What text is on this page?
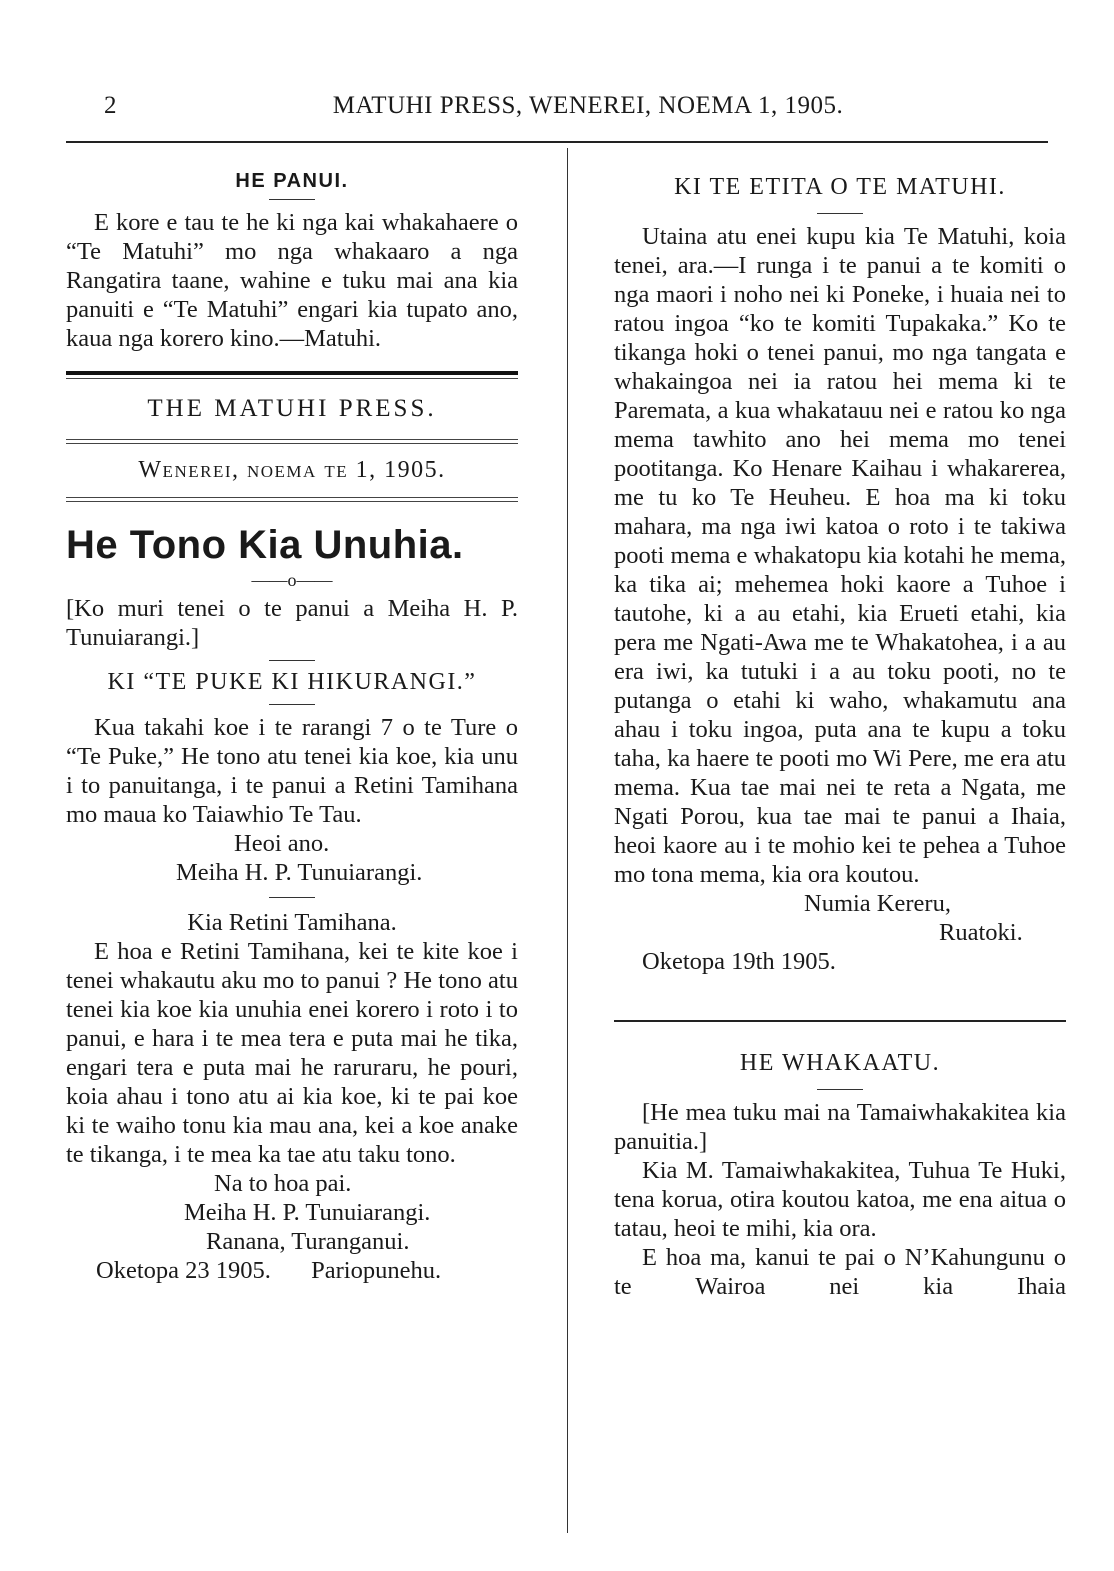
2	MATUHI PRESS, WENEREI, NOEMA 1, 1905.

HE PANUI.

E kore e tau te he ki nga kai whakahaere o “Te Matuhi” mo nga whakaaro a nga Rangatira taane, wahine e tuku mai ana kia panuiti e “Te Matuhi” engari kia tupato ano, kaua nga korero kino.—Matuhi.

THE MATUHI PRESS.

Wenerei, noema te 1, 1905.

He Tono Kia Unuhia.

——o——

[Ko muri tenei o te panui a Meiha H. P. Tunuiarangi.]

KI “TE PUKE KI HIKURANGI.”

Kua takahi koe i te rarangi 7 o te Ture o “Te Puke,” He tono atu tenei kia koe, kia unu i to panuitanga, i te panui a Retini Tamihana mo maua ko Taiawhio Te Tau.

Heoi ano.

Meiha H. P. Tunuiarangi.

Kia Retini Tamihana.

E hoa e Retini Tamihana, kei te kite koe i tenei whakautu aku mo to panui ? He tono atu tenei kia koe kia unuhia enei korero i roto i to panui, e hara i te mea tera e puta mai he tika, engari tera e puta mai he raruraru, he pouri, koia ahau i tono atu ai kia koe, ki te pai koe ki te waiho tonu kia mau ana, kei a koe anake te tikanga, i te mea ka tae atu taku tono.

Na to hoa pai.

Meiha H. P. Tunuiarangi.

Ranana, Turanganui.

Oketopa 23 1905. Pariopunehu.

KI TE ETITA O TE MATUHI.

Utaina atu enei kupu kia Te Matuhi, koia tenei, ara.—I runga i te panui a te komiti o nga maori i noho nei ki Poneke, i huaia nei to ratou ingoa “ko te komiti Tupakaka.” Ko te tikanga hoki o tenei panui, mo nga tangata e whakaingoa nei ia ratou hei mema ki te Paremata, a kua whakatauu nei e ratou ko nga mema tawhito ano hei mema mo tenei pootitanga. Ko Henare Kaihau i whakarerea, me tu ko Te Heuheu. E hoa ma ki toku mahara, ma nga iwi katoa o roto i te takiwa pooti mema e whakatopu kia kotahi he mema, ka tika ai; mehemea hoki kaore a Tuhoe i tautohe, ki a au etahi, kia Erueti etahi, kia pera me Ngati-Awa me te Whakatohea, i a au era iwi, ka tutuki i a au toku pooti, no te putanga o etahi ki waho, whakamutu ana ahau i toku ingoa, puta ana te kupu a toku taha, ka haere te pooti mo Wi Pere, me era atu mema. Kua tae mai nei te reta a Ngata, me Ngati Porou, kua tae mai te panui a Ihaia, heoi kaore au i te mohio kei te pehea a Tuhoe mo tona mema, kia ora koutou.

Numia Kereru,

Ruatoki.

Oketopa 19th 1905.

HE WHAKAATU.

[He mea tuku mai na Tamaiwhakakitea kia panuitia.]

Kia M. Tamaiwhakakitea, Tuhua Te Huki, tena korua, otira koutou katoa, me ena aitua o tatau, heoi te mihi, kia ora.

E hoa ma, kanui te pai o N’Kahungunu o te Wairoa nei kia Ihaia
